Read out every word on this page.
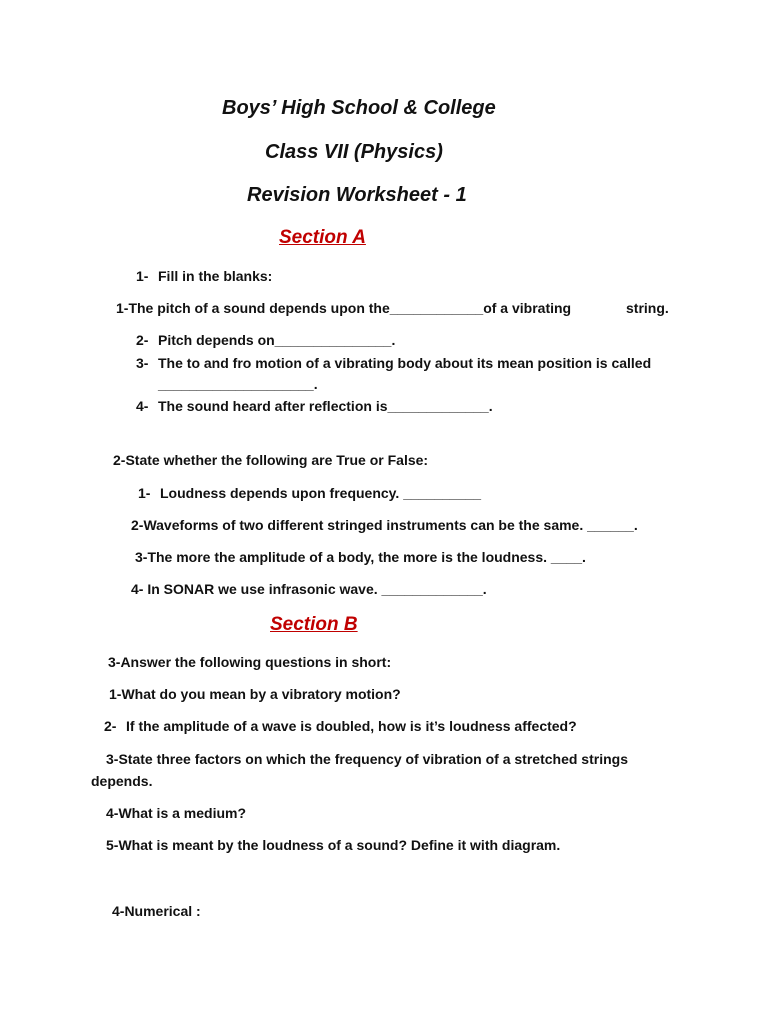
Boys’ High School & College
Class VII (Physics)
Revision Worksheet - 1
Section A
1- Fill in the blanks:
1-The pitch of a sound depends upon the____________of a vibrating	string.
2- Pitch depends on_______________.
3- The to and fro motion of a vibrating body about its mean position is called
____________________.
4- The sound heard after reflection is_____________.
2-State whether the following are True or False:
1- Loudness depends upon frequency. __________
2-Waveforms of two different stringed instruments can be the same. ______.
3-The more the amplitude of a body, the more is the loudness. ____.
4- In SONAR we use infrasonic wave. _____________.
Section B
3-Answer the following questions in short:
1-What do you mean by a vibratory motion?
2- If the amplitude of a wave is doubled, how is it’s loudness affected?
3-State three factors on which the frequency of vibration of a stretched strings
depends.
4-What is a medium?
5-What is meant by the loudness of a sound? Define it with diagram.
4-Numerical :
